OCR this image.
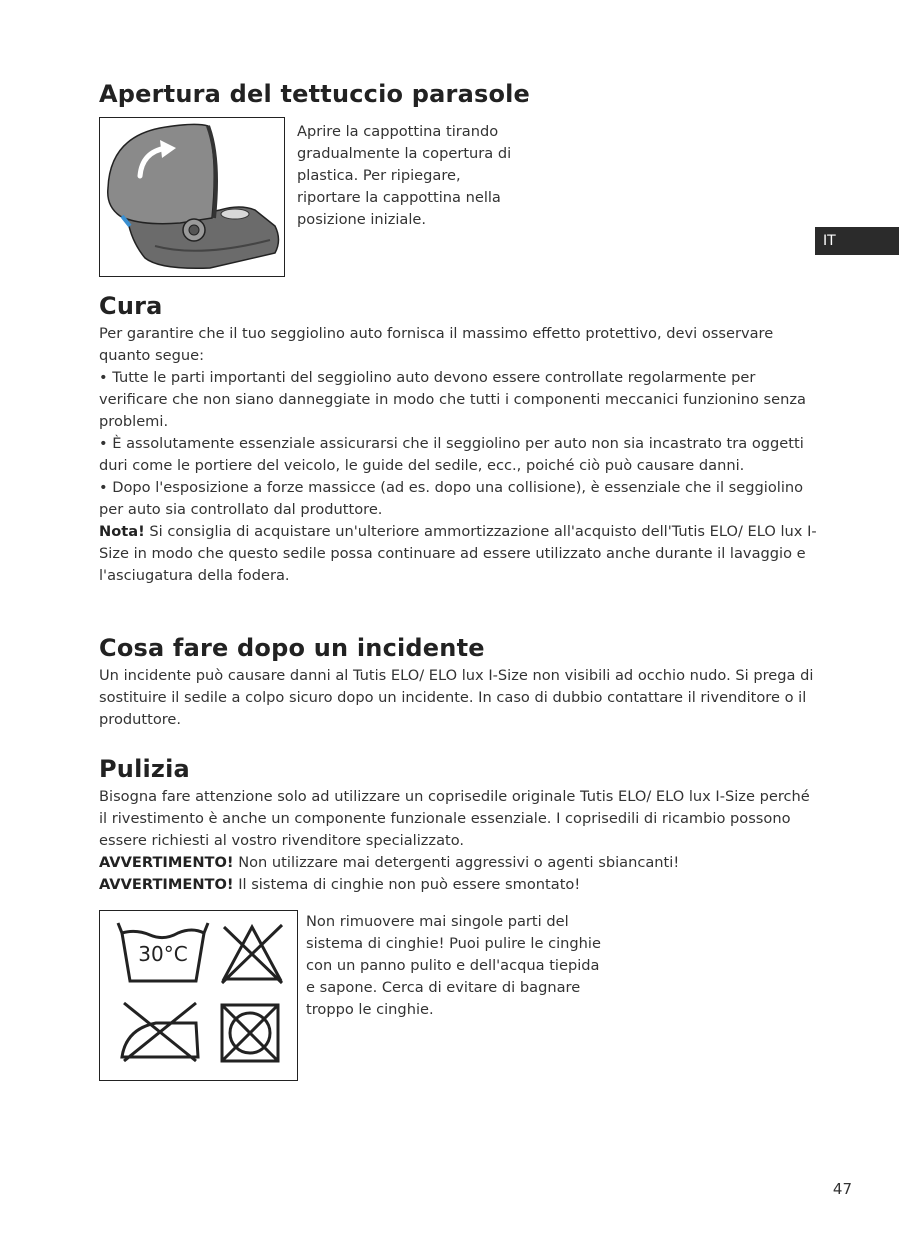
Apertura del tettuccio parasole

Aprire la cappottina tirando gradualmente la copertura di plastica. Per ripiegare, riportare la cappottina nella posizione iniziale.

IT
Cura
Per garantire che il tuo seggiolino auto fornisca il massimo effetto protettivo, devi osservare quanto segue:
• Tutte le parti importanti del seggiolino auto devono essere controllate regolarmente per verificare che non siano danneggiate in modo che tutti i componenti meccanici funzionino senza problemi.
• È assolutamente essenziale assicurarsi che il seggiolino per auto non sia incastrato tra oggetti duri come le portiere del veicolo, le guide del sedile, ecc., poiché ciò può causare danni.
• Dopo l'esposizione a forze massicce (ad es. dopo una collisione), è essenziale che il seggiolino per auto sia controllato dal produttore.
Nota! Si consiglia di acquistare un'ulteriore ammortizzazione all'acquisto dell'Tutis ELO/ ELO lux I-Size in modo che questo sedile possa continuare ad essere utilizzato anche durante il lavaggio e l'asciugatura della fodera.
Cosa fare dopo un incidente

Un incidente può causare danni al Tutis ELO/ ELO lux I-Size non visibili ad occhio nudo. Si prega di sostituire il sedile a colpo sicuro dopo un incidente. In caso di dubbio contattare il rivenditore o il produttore.

Pulizia
Bisogna fare attenzione solo ad utilizzare un coprisedile originale Tutis ELO/ ELO lux I-Size perché il rivestimento è anche un componente funzionale essenziale. I coprisedili di ricambio possono essere richiesti al vostro rivenditore specializzato.
AVVERTIMENTO! Non utilizzare mai detergenti aggressivi o agenti sbiancanti!
AVVERTIMENTO! Il sistema di cinghie non può essere smontato!
30°C

Non rimuovere mai singole parti del sistema di cinghie! Puoi pulire le cinghie con un panno pulito e dell'acqua tiepida e sapone. Cerca di evitare di bagnare troppo le cinghie.

47
